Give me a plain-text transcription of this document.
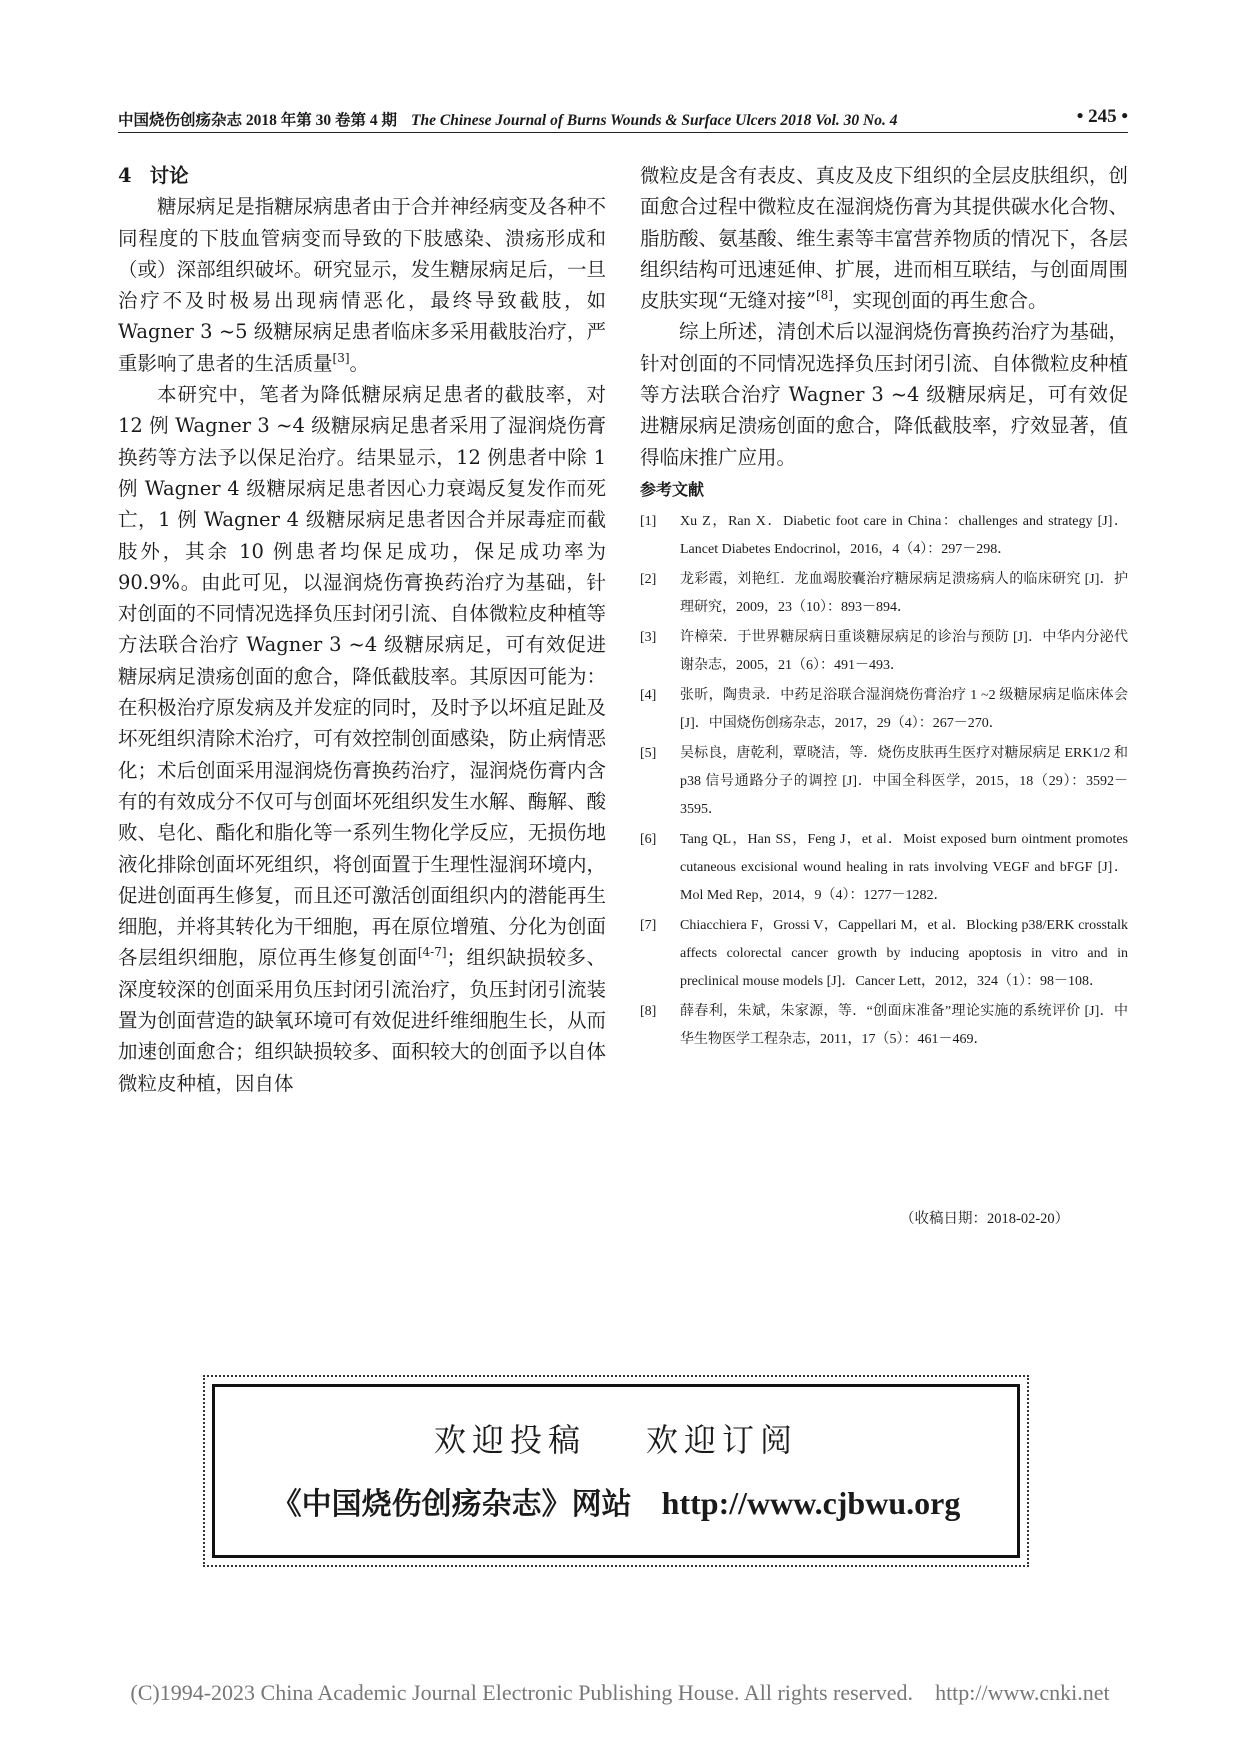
中国烧伤创疡杂志 2018 年第 30 卷第 4 期 The Chinese Journal of Burns Wounds & Surface Ulcers 2018 Vol. 30 No. 4	• 245 •

4 讨论

糖尿病足是指糖尿病患者由于合并神经病变及各种不同程度的下肢血管病变而导致的下肢感染、溃疡形成和（或）深部组织破坏。研究显示，发生糖尿病足后，一旦治疗不及时极易出现病情恶化，最终导致截肢，如 Wagner 3 ~5 级糖尿病足患者临床多采用截肢治疗，严重影响了患者的生活质量[3]。

本研究中，笔者为降低糖尿病足患者的截肢率，对 12 例 Wagner 3 ~4 级糖尿病足患者采用了湿润烧伤膏换药等方法予以保足治疗。结果显示，12 例患者中除 1 例 Wagner 4 级糖尿病足患者因心力衰竭反复发作而死亡，1 例 Wagner 4 级糖尿病足患者因合并尿毒症而截肢外，其余 10 例患者均保足成功，保足成功率为 90.9%。由此可见，以湿润烧伤膏换药治疗为基础，针对创面的不同情况选择负压封闭引流、自体微粒皮种植等方法联合治疗 Wagner 3 ~4 级糖尿病足，可有效促进糖尿病足溃疡创面的愈合，降低截肢率。其原因可能为：在积极治疗原发病及并发症的同时，及时予以坏疽足趾及坏死组织清除术治疗，可有效控制创面感染，防止病情恶化；术后创面采用湿润烧伤膏换药治疗，湿润烧伤膏内含有的有效成分不仅可与创面坏死组织发生水解、酶解、酸败、皂化、酯化和脂化等一系列生物化学反应，无损伤地液化排除创面坏死组织，将创面置于生理性湿润环境内，促进创面再生修复，而且还可激活创面组织内的潜能再生细胞，并将其转化为干细胞，再在原位增殖、分化为创面各层组织细胞，原位再生修复创面[4-7]；组织缺损较多、深度较深的创面采用负压封闭引流治疗，负压封闭引流装置为创面营造的缺氧环境可有效促进纤维细胞生长，从而加速创面愈合；组织缺损较多、面积较大的创面予以自体微粒皮种植，因自体

微粒皮是含有表皮、真皮及皮下组织的全层皮肤组织，创面愈合过程中微粒皮在湿润烧伤膏为其提供碳水化合物、脂肪酸、氨基酸、维生素等丰富营养物质的情况下，各层组织结构可迅速延伸、扩展，进而相互联结，与创面周围皮肤实现“无缝对接”[8]，实现创面的再生愈合。

综上所述，清创术后以湿润烧伤膏换药治疗为基础，针对创面的不同情况选择负压封闭引流、自体微粒皮种植等方法联合治疗 Wagner 3 ~4 级糖尿病足，可有效促进糖尿病足溃疡创面的愈合，降低截肢率，疗效显著，值得临床推广应用。

参考文献
[1]	Xu Z，Ran X．Diabetic foot care in China：challenges and strategy [J]．Lancet Diabetes Endocrinol，2016，4（4）：297－298．
[2]	龙彩霞，刘艳红．龙血竭胶囊治疗糖尿病足溃疡病人的临床研究 [J]．护理研究，2009，23（10）：893－894．
[3]	许樟荣．于世界糖尿病日重谈糖尿病足的诊治与预防 [J]．中华内分泌代谢杂志，2005，21（6）：491－493．
[4]	张昕，陶贵录．中药足浴联合湿润烧伤膏治疗 1 ~2 级糖尿病足临床体会 [J]．中国烧伤创疡杂志，2017，29（4）：267－270．
[5]	吴标良，唐乾利，覃晓洁，等．烧伤皮肤再生医疗对糖尿病足 ERK1/2 和 p38 信号通路分子的调控 [J]．中国全科医学，2015，18（29）：3592－3595．
[6]	Tang QL，Han SS，Feng J，et al．Moist exposed burn ointment promotes cutaneous excisional wound healing in rats involving VEGF and bFGF [J]．Mol Med Rep，2014，9（4）：1277－1282．
[7]	Chiacchiera F，Grossi V，Cappellari M，et al．Blocking p38/ERK crosstalk affects colorectal cancer growth by inducing apoptosis in vitro and in preclinical mouse models [J]．Cancer Lett，2012，324（1）：98－108．
[8]	薛春利，朱斌，朱家源，等．“创面床准备”理论实施的系统评价 [J]．中华生物医学工程杂志，2011，17（5）：461－469．
（收稿日期：2018-02-20）
欢迎投稿 欢迎订阅
《中国烧伤创疡杂志》网站 http://www.cjbwu.org
(C)1994-2023 China Academic Journal Electronic Publishing House. All rights reserved. http://www.cnki.net
